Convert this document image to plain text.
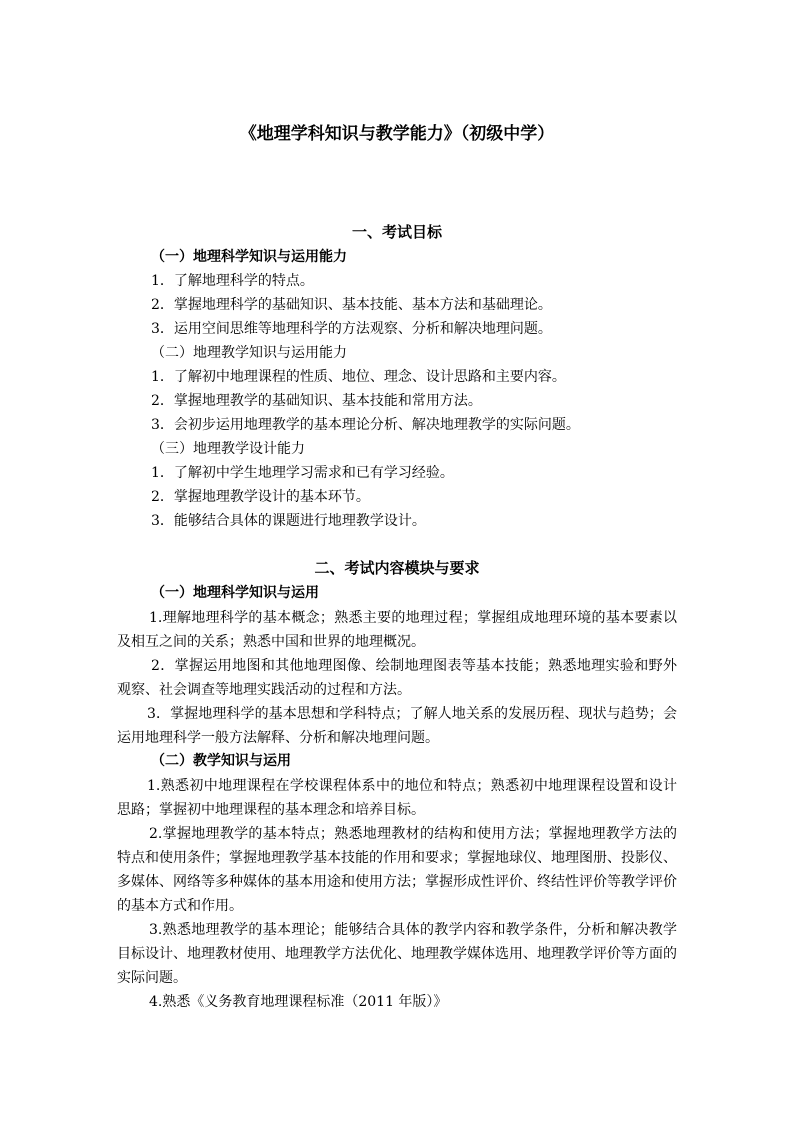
《地理学科知识与教学能力》（初级中学）
一、考试目标
（一）地理科学知识与运用能力
1．了解地理科学的特点。
2．掌握地理科学的基础知识、基本技能、基本方法和基础理论。
3．运用空间思维等地理科学的方法观察、分析和解决地理问题。
（二）地理教学知识与运用能力
1．了解初中地理课程的性质、地位、理念、设计思路和主要内容。
2．掌握地理教学的基础知识、基本技能和常用方法。
3．会初步运用地理教学的基本理论分析、解决地理教学的实际问题。
（三）地理教学设计能力
1．了解初中学生地理学习需求和已有学习经验。
2．掌握地理教学设计的基本环节。
3．能够结合具体的课题进行地理教学设计。
二、考试内容模块与要求
（一）地理科学知识与运用

1.理解地理科学的基本概念；熟悉主要的地理过程；掌握组成地理环境的基本要素以及相互之间的关系；熟悉中国和世界的地理概况。

2．掌握运用地图和其他地理图像、绘制地理图表等基本技能；熟悉地理实验和野外观察、社会调查等地理实践活动的过程和方法。

3．掌握地理科学的基本思想和学科特点；了解人地关系的发展历程、现状与趋势；会运用地理科学一般方法解释、分析和解决地理问题。

（二）教学知识与运用

1.熟悉初中地理课程在学校课程体系中的地位和特点；熟悉初中地理课程设置和设计思路；掌握初中地理课程的基本理念和培养目标。

2.掌握地理教学的基本特点；熟悉地理教材的结构和使用方法；掌握地理教学方法的特点和使用条件；掌握地理教学基本技能的作用和要求；掌握地球仪、地理图册、投影仪、多媒体、网络等多种媒体的基本用途和使用方法；掌握形成性评价、终结性评价等教学评价的基本方式和作用。

3.熟悉地理教学的基本理论；能够结合具体的教学内容和教学条件，分析和解决教学目标设计、地理教材使用、地理教学方法优化、地理教学媒体选用、地理教学评价等方面的实际问题。

4.熟悉《义务教育地理课程标准（2011 年版）》
